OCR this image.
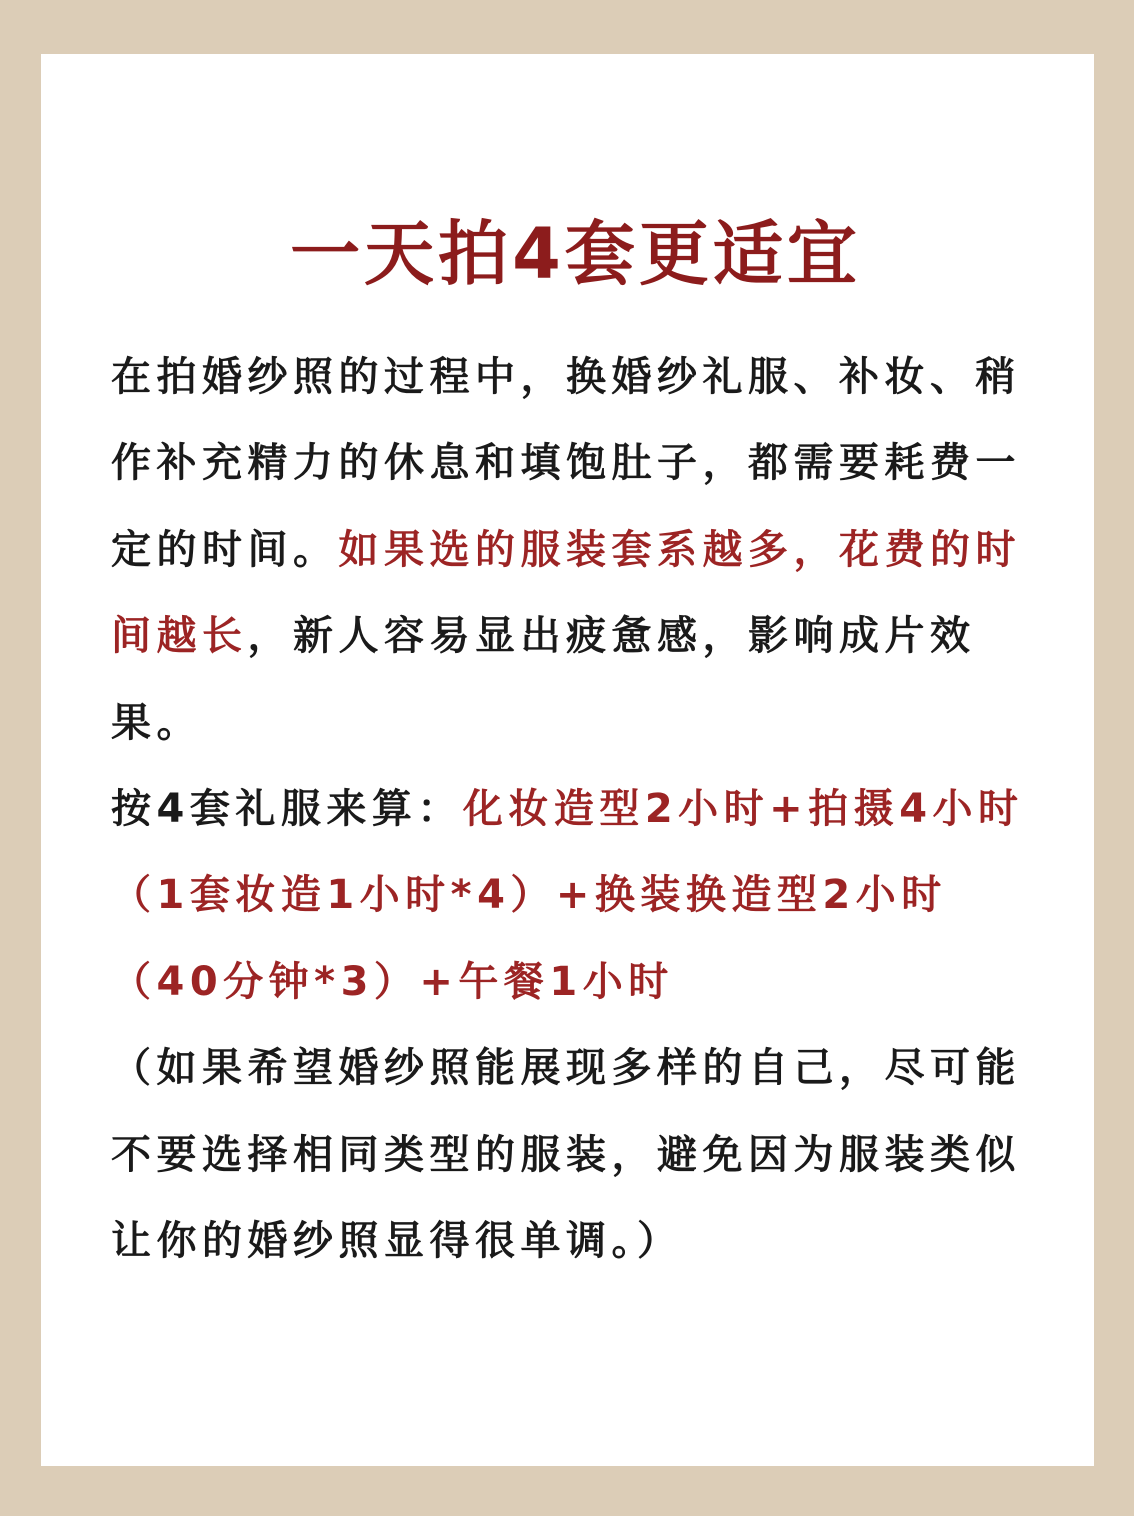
一天拍4套更适宜

在拍婚纱照的过程中，换婚纱礼服、补妆、稍作补充精力的休息和填饱肚子，都需要耗费一定的时间。如果选的服装套系越多，花费的时间越长，新人容易显出疲惫感，影响成片效果。

按4套礼服来算：化妆造型2小时+拍摄4小时（1套妆造1小时*4）+换装换造型2小时（40分钟*3）+午餐1小时

（如果希望婚纱照能展现多样的自己，尽可能不要选择相同类型的服装，避免因为服装类似让你的婚纱照显得很单调。）
